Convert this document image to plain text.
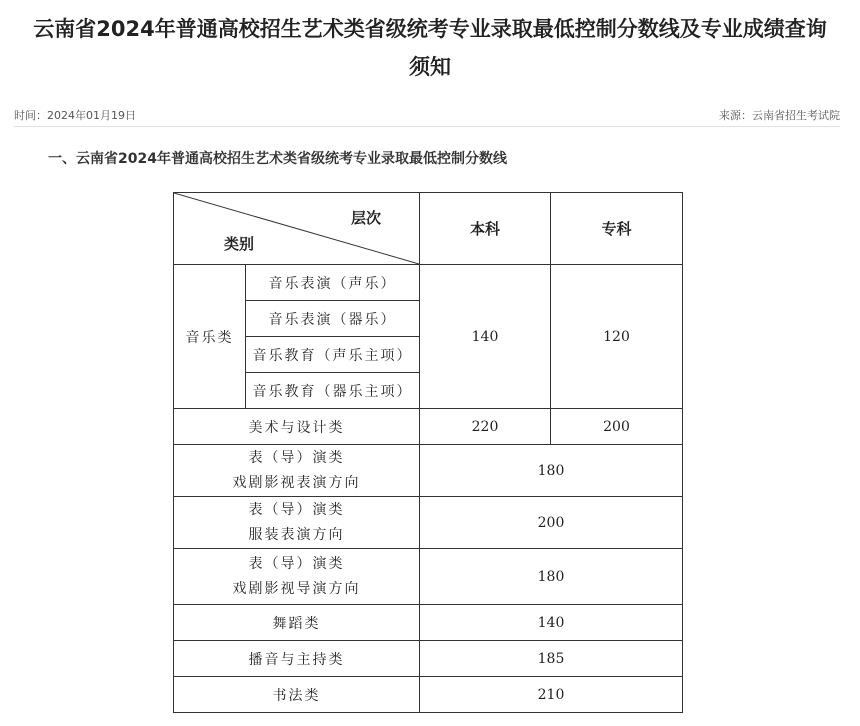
云南省2024年普通高校招生艺术类省级统考专业录取最低控制分数线及专业成绩查询
须知
时间：2024年01月19日	来源：云南省招生考试院
一、云南省2024年普通高校招生艺术类省级统考专业录取最低控制分数线
层次
类别		本科	专科
音乐类	音乐表演（声乐）	140	120
	音乐表演（器乐）		
	音乐教育（声乐主项）		
	音乐教育（器乐主项）		
美术与设计类		220	200

表（导）演类
戏剧影视表演方向		180	

表（导）演类
服装表演方向		200	

表（导）演类
戏剧影视导演方向		180	
舞蹈类		140	
播音与主持类		185	
书法类		210	
